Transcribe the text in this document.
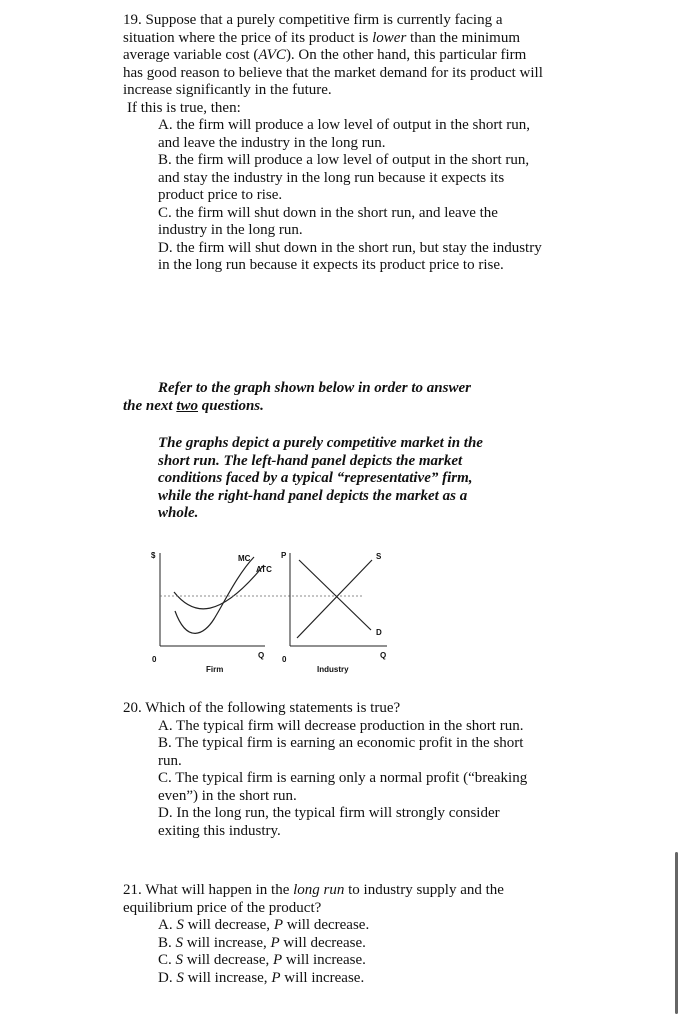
19. Suppose that a purely competitive firm is currently facing a situation where the price of its product is lower than the minimum average variable cost (AVC). On the other hand, this particular firm has good reason to believe that the market demand for its product will increase significantly in the future.
If this is true, then:

A. the firm will produce a low level of output in the short run, and leave the industry in the long run.

B. the firm will produce a low level of output in the short run, and stay the industry in the long run because it expects its product price to rise.

C. the firm will shut down in the short run, and leave the industry in the long run.

D. the firm will shut down in the short run, but stay the industry in the long run because it expects its product price to rise.

Refer to the graph shown below in order to answer
the next two questions.
The graphs depict a purely competitive market in the short run. The left-hand panel depicts the market conditions faced by a typical “representative” firm, while the right-hand panel depicts the market as a whole.
$
0	Q
Firm
MC
ATC
P
0	Q
Industry
S
D

20. Which of the following statements is true?

A. The typical firm will decrease production in the short run.

B. The typical firm is earning an economic profit in the short run.

C. The typical firm is earning only a normal profit (“breaking even”) in the short run.

D. In the long run, the typical firm will strongly consider exiting this industry.

21. What will happen in the long run to industry supply and the equilibrium price of the product?

A. S will decrease, P will decrease.

B. S will increase, P will decrease.

C. S will decrease, P will increase.

D. S will increase, P will increase.
